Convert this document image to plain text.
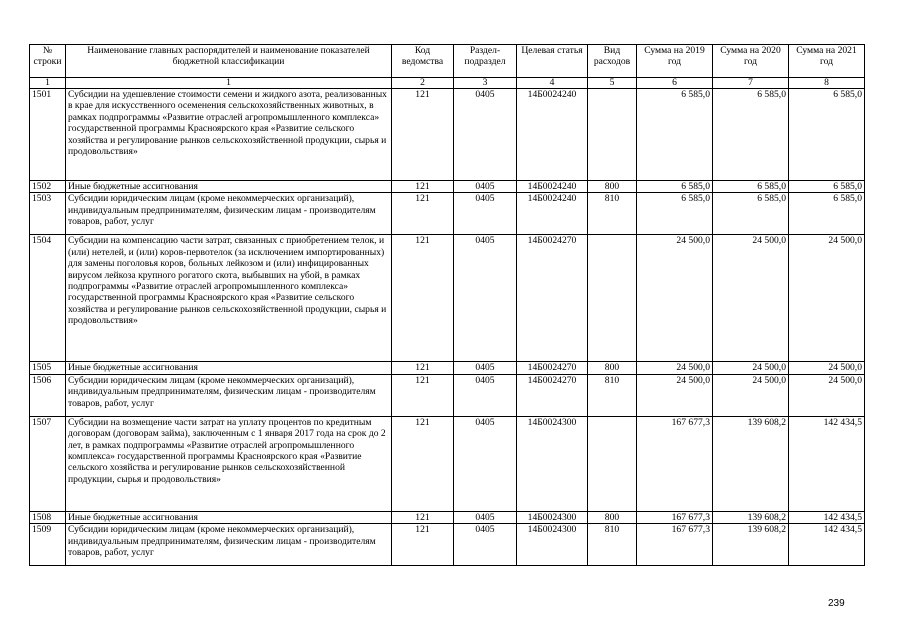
№ строки	Наименование главных распорядителей и наименование показателей бюджетной классификации	Код ведомства	Раздел-подраздел	Целевая статья	Вид расходов	Сумма на 2019 год	Сумма на 2020 год	Сумма на 2021 год
1	1	2	3	4	5	6	7	8
1501	Субсидии на удешевление стоимости семени и жидкого азота, реализованных в крае для искусственного осеменения сельскохозяйственных животных, в рамках подпрограммы «Развитие отраслей агропромышленного комплекса» государственной программы Красноярского края «Развитие сельского хозяйства и регулирование рынков сельскохозяйственной продукции, сырья и продовольствия»	121	0405	14Б0024240		6 585,0	6 585,0	6 585,0
1502	Иные бюджетные ассигнования	121	0405	14Б0024240	800	6 585,0	6 585,0	6 585,0
1503	Субсидии юридическим лицам (кроме некоммерческих организаций), индивидуальным предпринимателям, физическим лицам - производителям товаров, работ, услуг	121	0405	14Б0024240	810	6 585,0	6 585,0	6 585,0
1504	Субсидии на компенсацию части затрат, связанных с приобретением телок, и (или) нетелей, и (или) коров-первотелок (за исключением импортированных) для замены поголовья коров, больных лейкозом и (или) инфицированных вирусом лейкоза крупного рогатого скота, выбывших на убой, в рамках подпрограммы «Развитие отраслей агропромышленного комплекса» государственной программы Красноярского края «Развитие сельского хозяйства и регулирование рынков сельскохозяйственной продукции, сырья и продовольствия»	121	0405	14Б0024270		24 500,0	24 500,0	24 500,0
1505	Иные бюджетные ассигнования	121	0405	14Б0024270	800	24 500,0	24 500,0	24 500,0
1506	Субсидии юридическим лицам (кроме некоммерческих организаций), индивидуальным предпринимателям, физическим лицам - производителям товаров, работ, услуг	121	0405	14Б0024270	810	24 500,0	24 500,0	24 500,0
1507	Субсидии на возмещение части затрат на уплату процентов по кредитным договорам (договорам займа), заключенным с 1 января 2017 года на срок до 2 лет, в рамках подпрограммы «Развитие отраслей агропромышленного комплекса» государственной программы Красноярского края «Развитие сельского хозяйства и регулирование рынков сельскохозяйственной продукции, сырья и продовольствия»	121	0405	14Б0024300		167 677,3	139 608,2	142 434,5
1508	Иные бюджетные ассигнования	121	0405	14Б0024300	800	167 677,3	139 608,2	142 434,5
1509	Субсидии юридическим лицам (кроме некоммерческих организаций), индивидуальным предпринимателям, физическим лицам - производителям товаров, работ, услуг	121	0405	14Б0024300	810	167 677,3	139 608,2	142 434,5
239
